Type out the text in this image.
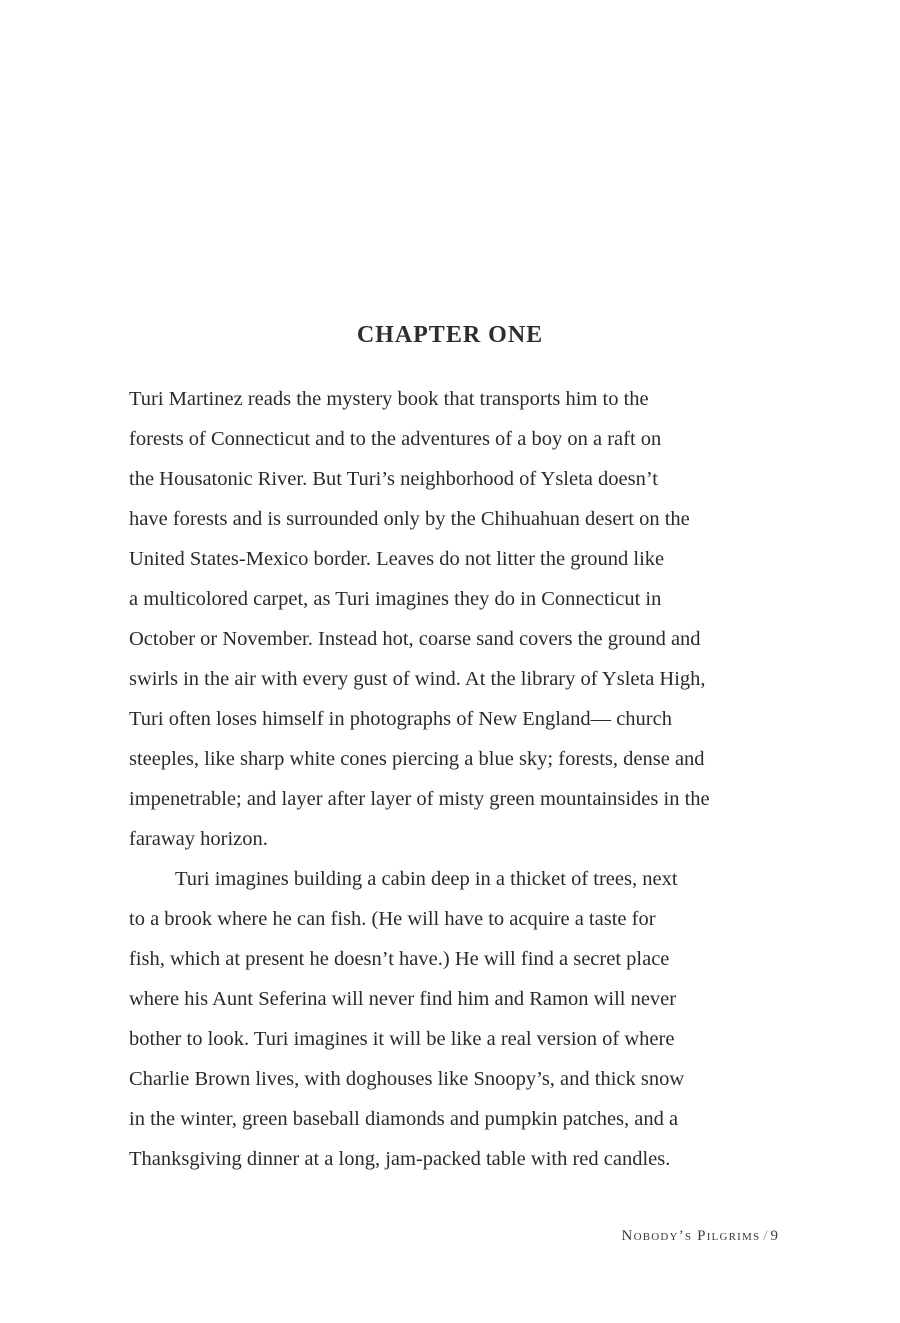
CHAPTER ONE

Turi Martinez reads the mystery book that transports him to the
forests of Connecticut and to the adventures of a boy on a raft on
the Housatonic River. But Turi’s neighborhood of Ysleta doesn’t
have forests and is surrounded only by the Chihuahuan desert on the
United States-Mexico border. Leaves do not litter the ground like
a multicolored carpet, as Turi imagines they do in Connecticut in
October or November. Instead hot, coarse sand covers the ground and
swirls in the air with every gust of wind. At the library of Ysleta High,
Turi often loses himself in photographs of New England— church
steeples, like sharp white cones piercing a blue sky; forests, dense and
impenetrable; and layer after layer of misty green mountainsides in the
faraway horizon.

Turi imagines building a cabin deep in a thicket of trees, next
to a brook where he can fish. (He will have to acquire a taste for
fish, which at present he doesn’t have.) He will find a secret place
where his Aunt Seferina will never find him and Ramon will never
bother to look. Turi imagines it will be like a real version of where
Charlie Brown lives, with doghouses like Snoopy’s, and thick snow
in the winter, green baseball diamonds and pumpkin patches, and a
Thanksgiving dinner at a long, jam-packed table with red candles.

Nobody’s Pilgrims / 9
